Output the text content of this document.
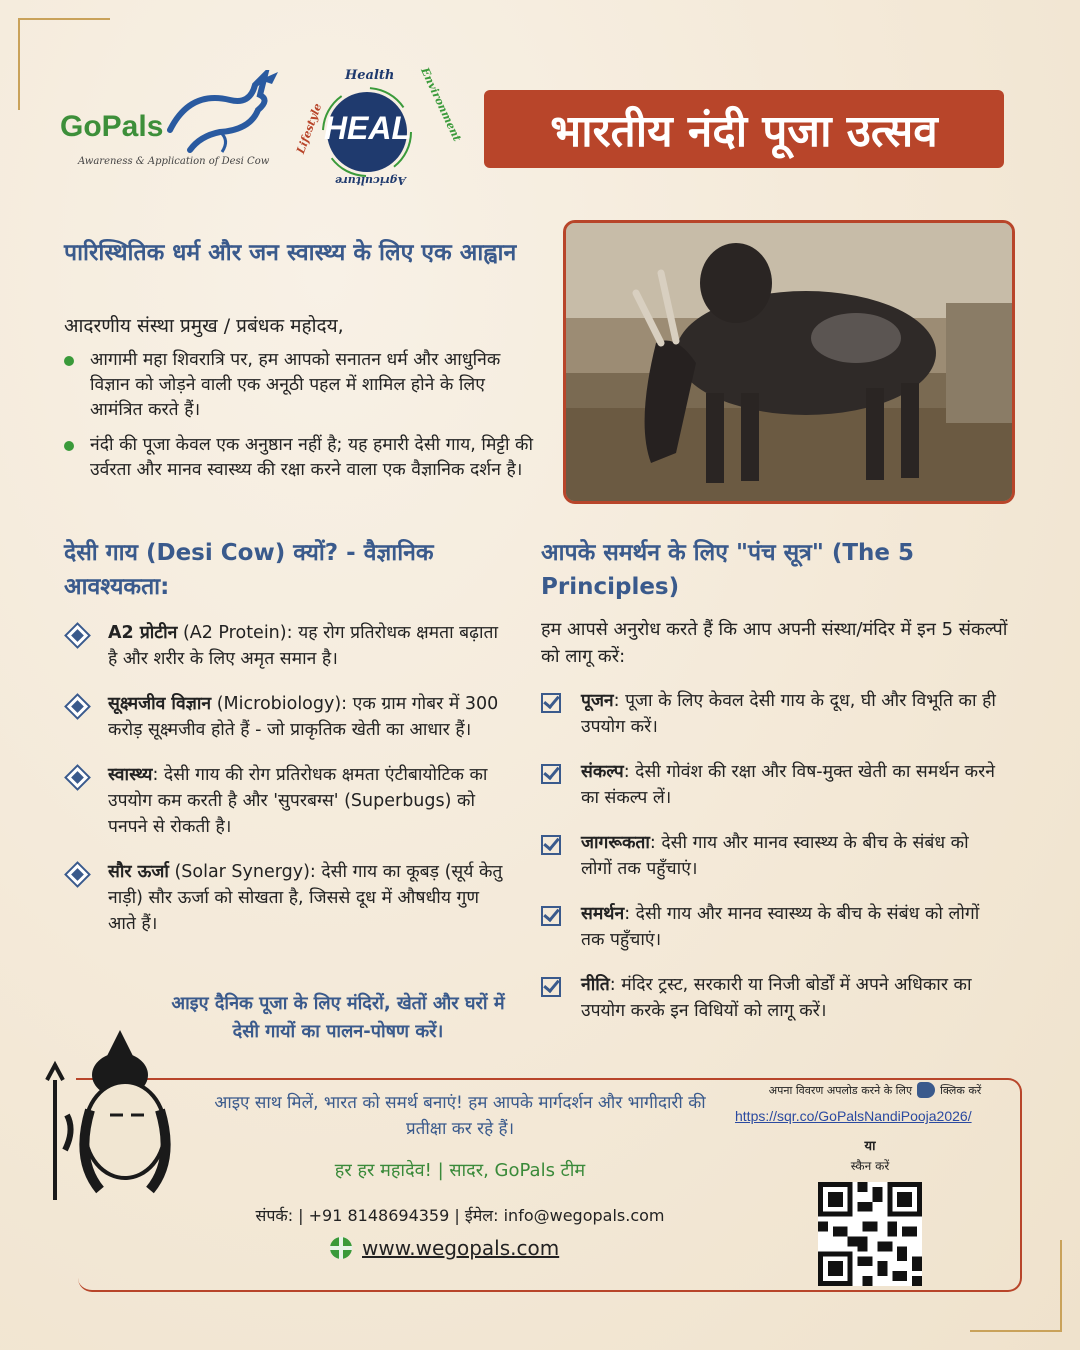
GoPals
Awareness & Application of Desi Cow
HEAL
Health Environment
Agriculture
Lifestyle	भारतीय नंदी पूजा उत्सव
पारिस्थितिक धर्म और जन स्वास्थ्य के लिए एक आह्वान
आदरणीय संस्था प्रमुख / प्रबंधक महोदय,
आगामी महा शिवरात्रि पर, हम आपको सनातन धर्म और आधुनिक विज्ञान को जोड़ने वाली एक अनूठी पहल में शामिल होने के लिए आमंत्रित करते हैं।
नंदी की पूजा केवल एक अनुष्ठान नहीं है; यह हमारी देसी गाय, मिट्टी की उर्वरता और मानव स्वास्थ्य की रक्षा करने वाला एक वैज्ञानिक दर्शन है।
देसी गाय (Desi Cow) क्यों? - वैज्ञानिक आवश्यकता:
A2 प्रोटीन (A2 Protein): यह रोग प्रतिरोधक क्षमता बढ़ाता है और शरीर के लिए अमृत समान है।
सूक्ष्मजीव विज्ञान (Microbiology): एक ग्राम गोबर में 300 करोड़ सूक्ष्मजीव होते हैं - जो प्राकृतिक खेती का आधार हैं।
स्वास्थ्य: देसी गाय की रोग प्रतिरोधक क्षमता एंटीबायोटिक का उपयोग कम करती है और 'सुपरबग्स' (Superbugs) को पनपने से रोकती है।
सौर ऊर्जा (Solar Synergy): देसी गाय का कूबड़ (सूर्य केतु नाड़ी) सौर ऊर्जा को सोखता है, जिससे दूध में औषधीय गुण आते हैं।
आइए दैनिक पूजा के लिए मंदिरों, खेतों और घरों में देसी गायों का पालन-पोषण करें।
आपके समर्थन के लिए "पंच सूत्र" (The 5 Principles)
हम आपसे अनुरोध करते हैं कि आप अपनी संस्था/मंदिर में इन 5 संकल्पों को लागू करें:
पूजन: पूजा के लिए केवल देसी गाय के दूध, घी और विभूति का ही उपयोग करें।
संकल्प: देसी गोवंश की रक्षा और विष-मुक्त खेती का समर्थन करने का संकल्प लें।
जागरूकता: देसी गाय और मानव स्वास्थ्य के बीच के संबंध को लोगों तक पहुँचाएं।
समर्थन: देसी गाय और मानव स्वास्थ्य के बीच के संबंध को लोगों तक पहुँचाएं।
नीति: मंदिर ट्रस्ट, सरकारी या निजी बोर्डों में अपने अधिकार का उपयोग करके इन विधियों को लागू करें।
आइए साथ मिलें, भारत को समर्थ बनाएं! हम आपके मार्गदर्शन और भागीदारी की प्रतीक्षा कर रहे हैं।
हर हर महादेव! | सादर, GoPals टीम
संपर्क: | +91 8148694359 | ईमेल: info@wegopals.com
www.wegopals.com
अपना विवरण अपलोड करने के लिए	क्लिक करें
https://sqr.co/GoPalsNandiPooja2026/
या
स्कैन करें
